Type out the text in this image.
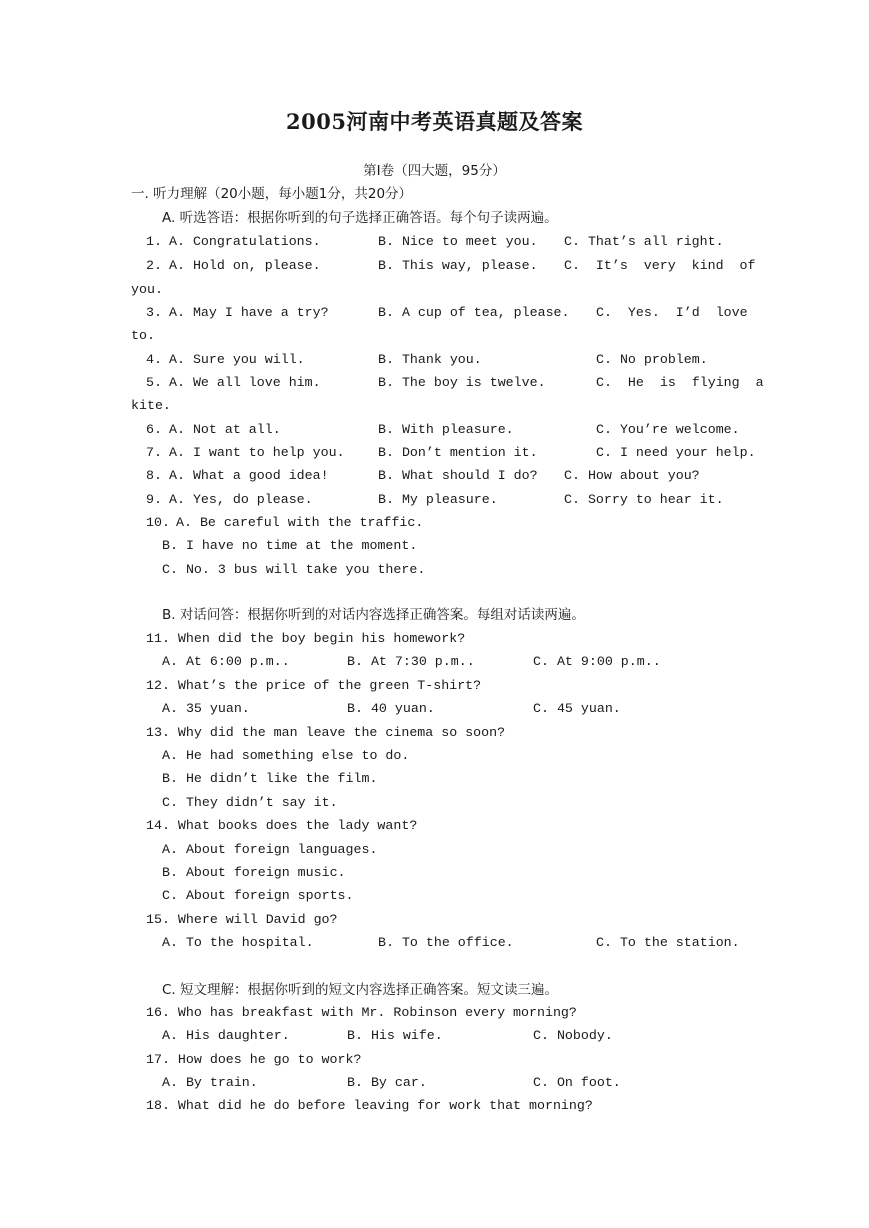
2005河南中考英语真题及答案
第Ⅰ卷（四大题，95分）
一. 听力理解（20小题，每小题1分，共20分）
A. 听选答语：根据你听到的句子选择正确答语。每个句子读两遍。
1. A. Congratulations.	B. Nice to meet you. C. That’s all right.
2. A. Hold on, please.	B. This way, please. C.  It’s  very  kind  of
you.
3. A. May I have a try?	B. A cup of tea, please. C.  Yes.  I’d  love
to.
4. A. Sure you will.	B. Thank you.	C. No problem.
5. A. We all love him.	B. The boy is twelve.	C.  He  is  flying  a
kite.
6. A. Not at all.	B. With pleasure.	C. You’re welcome.
7. A. I want to help you.	B. Don’t mention it.	C. I need your help.
8. A. What a good idea!	B. What should I do? C. How about you?
9. A. Yes, do please.	B. My pleasure.	C. Sorry to hear it.
10. A. Be careful with the traffic.
B. I have no time at the moment.
C. No. 3 bus will take you there.
B. 对话问答：根据你听到的对话内容选择正确答案。每组对话读两遍。
11. When did the boy begin his homework?
A. At 6:00 p.m..	B. At 7:30 p.m..	C. At 9:00 p.m..
12. What’s the price of the green T-shirt?
A. 35 yuan.	B. 40 yuan.	C. 45 yuan.
13. Why did the man leave the cinema so soon?
A. He had something else to do.
B. He didn’t like the film.
C. They didn’t say it.
14. What books does the lady want?
A. About foreign languages.
B. About foreign music.
C. About foreign sports.
15. Where will David go?
A. To the hospital.	B. To the office.	C. To the station.
C. 短文理解：根据你听到的短文内容选择正确答案。短文读三遍。
16. Who has breakfast with Mr. Robinson every morning?
A. His daughter.	B. His wife.	C. Nobody.
17. How does he go to work?
A. By train.	B. By car.	C. On foot.
18. What did he do before leaving for work that morning?
